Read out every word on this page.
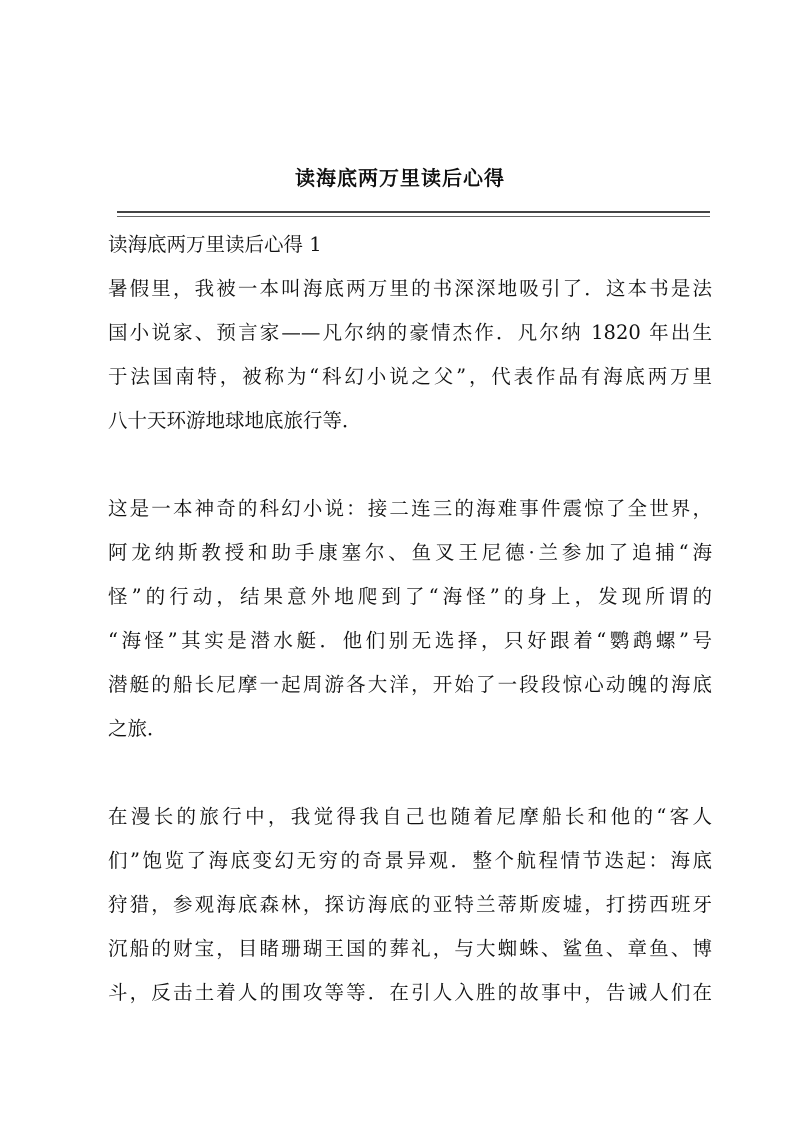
读海底两万里读后心得
读海底两万里读后心得 1
暑假里，我被一本叫海底两万里的书深深地吸引了．这本书是法
国小说家、预言家——凡尔纳的豪情杰作．凡尔纳 1820 年出生
于法国南特，被称为“科幻小说之父”，代表作品有海底两万里
八十天环游地球地底旅行等．
这是一本神奇的科幻小说：接二连三的海难事件震惊了全世界，
阿龙纳斯教授和助手康塞尔、鱼叉王尼德·兰参加了追捕“海
怪”的行动，结果意外地爬到了“海怪”的身上，发现所谓的
“海怪”其实是潜水艇．他们别无选择，只好跟着“鹦鹉螺”号
潜艇的船长尼摩一起周游各大洋，开始了一段段惊心动魄的海底
之旅．
在漫长的旅行中，我觉得我自己也随着尼摩船长和他的“客人
们”饱览了海底变幻无穷的奇景异观．整个航程情节迭起：海底
狩猎，参观海底森林，探访海底的亚特兰蒂斯废墟，打捞西班牙
沉船的财宝，目睹珊瑚王国的葬礼，与大蜘蛛、鲨鱼、章鱼、博
斗，反击土着人的围攻等等．在引人入胜的故事中，告诫人们在
